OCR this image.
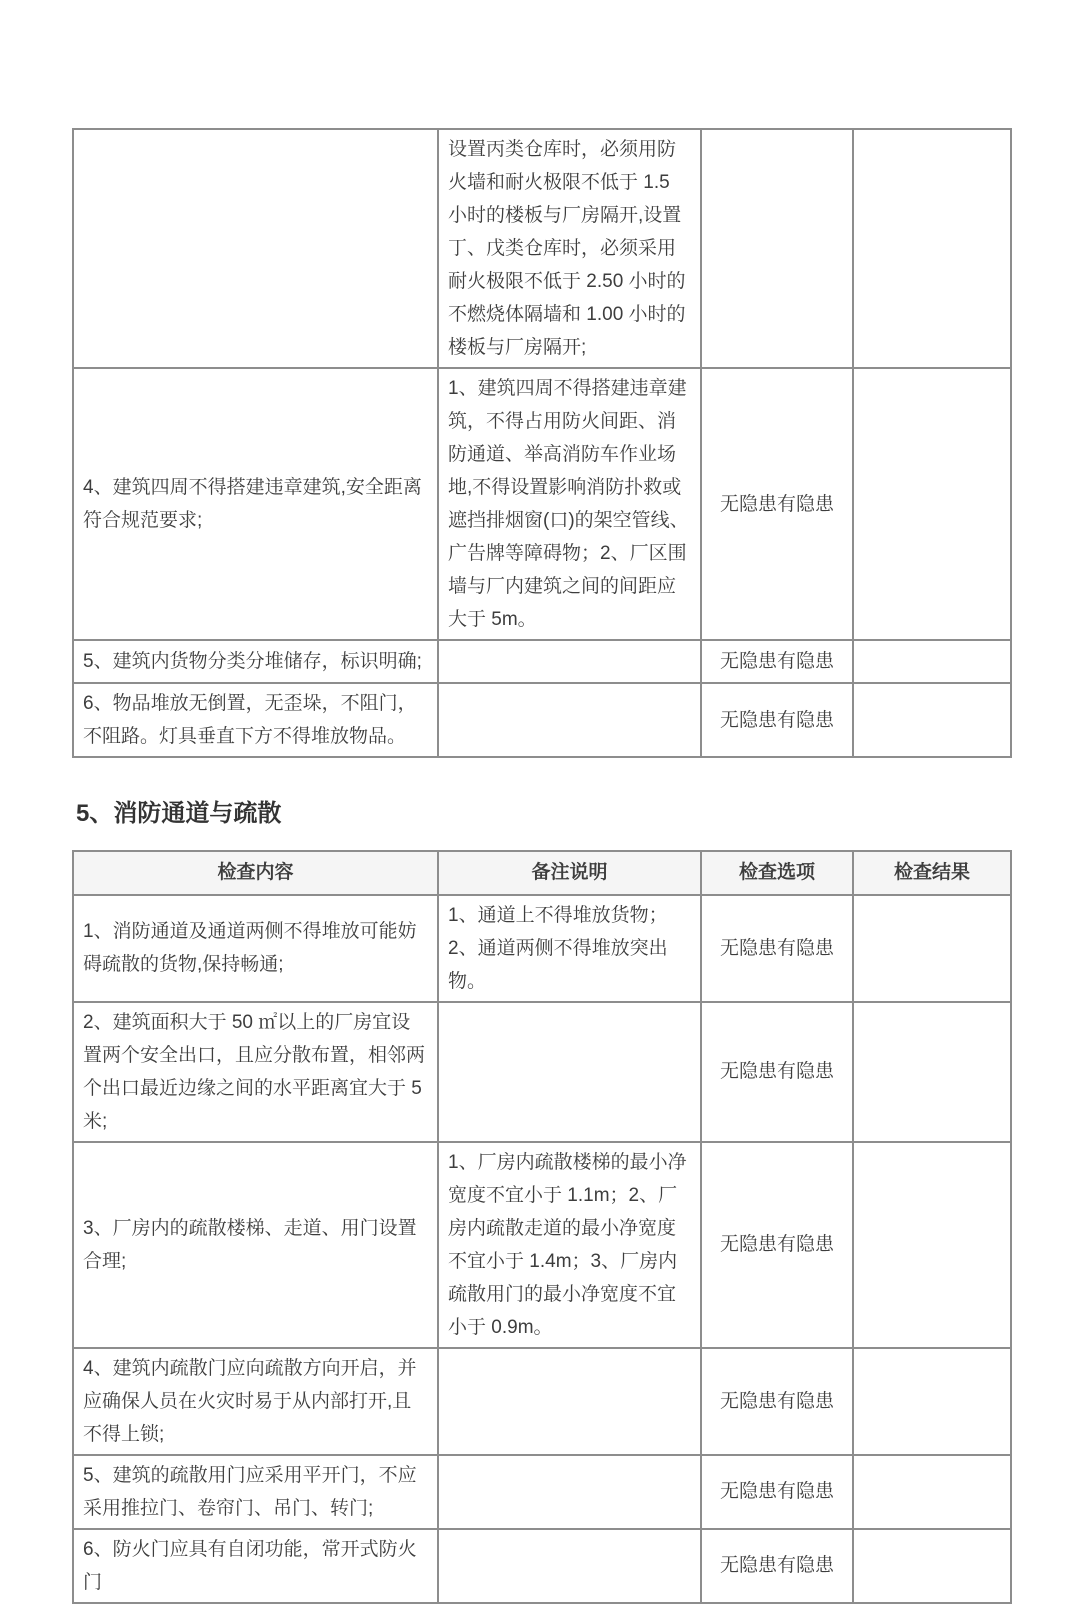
	设置丙类仓库时，必须用防火墙和耐火极限不低于 1.5 小时的楼板与厂房隔开,设置丁、戊类仓库时，必须采用耐火极限不低于 2.50 小时的不燃烧体隔墙和 1.00 小时的楼板与厂房隔开;		
4、建筑四周不得搭建违章建筑,安全距离符合规范要求;	1、建筑四周不得搭建违章建筑，不得占用防火间距、消防通道、举高消防车作业场地,不得设置影响消防扑救或遮挡排烟窗(口)的架空管线、广告牌等障碍物；2、厂区围墙与厂内建筑之间的间距应大于 5m。	无隐患有隐患	
5、建筑内货物分类分堆储存，标识明确;		无隐患有隐患	
6、物品堆放无倒置，无歪垛，不阻门，不阻路。灯具垂直下方不得堆放物品。		无隐患有隐患	
5、消防通道与疏散
检查内容	备注说明	检查选项	检查结果
1、消防通道及通道两侧不得堆放可能妨碍疏散的货物,保持畅通;	1、通道上不得堆放货物；2、通道两侧不得堆放突出物。	无隐患有隐患	
2、建筑面积大于 50 ㎡以上的厂房宜设置两个安全出口，且应分散布置，相邻两个出口最近边缘之间的水平距离宜大于 5 米;		无隐患有隐患	
3、厂房内的疏散楼梯、走道、用门设置合理;	1、厂房内疏散楼梯的最小净宽度不宜小于 1.1m；2、厂房内疏散走道的最小净宽度不宜小于 1.4m；3、厂房内疏散用门的最小净宽度不宜小于 0.9m。	无隐患有隐患	
4、建筑内疏散门应向疏散方向开启，并应确保人员在火灾时易于从内部打开,且不得上锁;		无隐患有隐患	
5、建筑的疏散用门应采用平开门，不应采用推拉门、卷帘门、吊门、转门;		无隐患有隐患	
6、防火门应具有自闭功能，常开式防火门		无隐患有隐患	
